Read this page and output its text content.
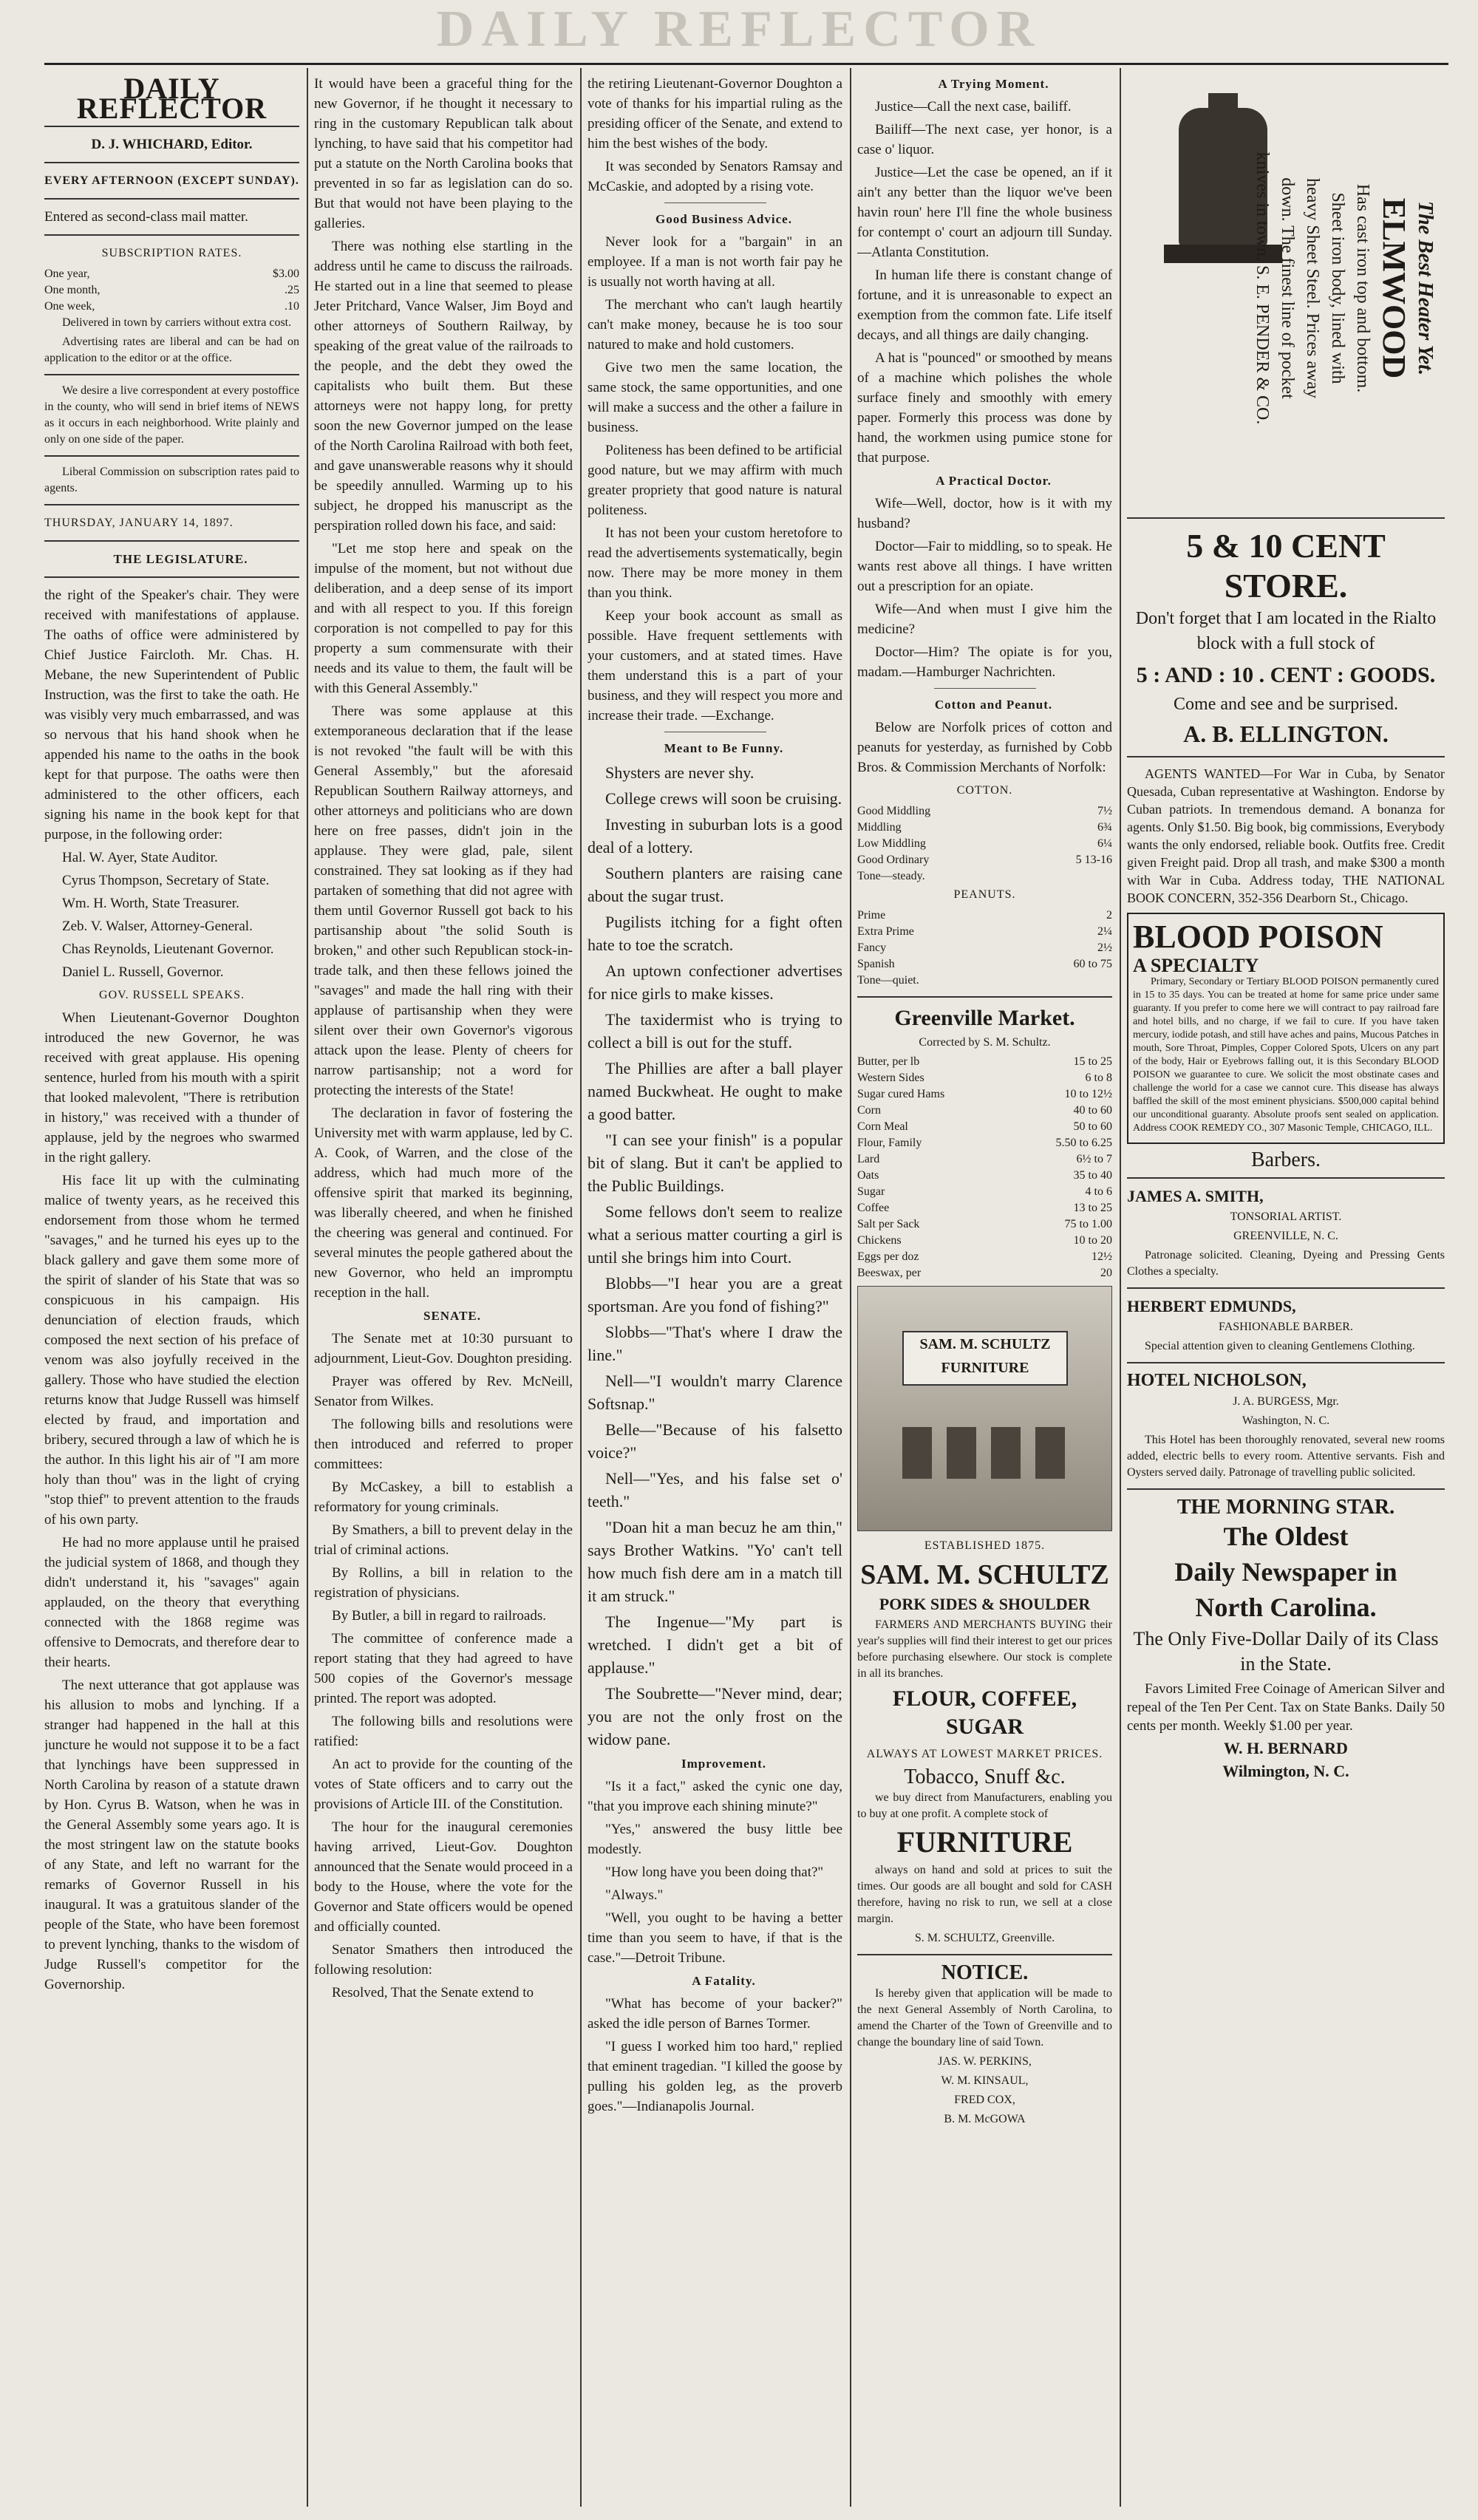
DAILY REFLECTOR
DAILY REFLECTOR

D. J. WHICHARD, Editor.

EVERY AFTERNOON (EXCEPT SUNDAY).

Entered as second-class mail matter.

SUBSCRIPTION RATES.

One year,	$3.00
One month,	.25
One week,	.10

Delivered in town by carriers without extra cost.

Advertising rates are liberal and can be had on application to the editor or at the office.

We desire a live correspondent at every postoffice in the county, who will send in brief items of NEWS as it occurs in each neighborhood. Write plainly and only on one side of the paper.

Liberal Commission on subscription rates paid to agents.

THURSDAY, JANUARY 14, 1897.

THE LEGISLATURE.

the right of the Speaker's chair. They were received with manifestations of applause. The oaths of office were administered by Chief Justice Faircloth. Mr. Chas. H. Mebane, the new Superintendent of Public Instruction, was the first to take the oath. He was visibly very much embarrassed, and was so nervous that his hand shook when he appended his name to the oaths in the book kept for that purpose. The oaths were then administered to the other officers, each signing his name in the book kept for that purpose, in the following order:

Hal. W. Ayer, State Auditor.

Cyrus Thompson, Secretary of State.

Wm. H. Worth, State Treasurer.

Zeb. V. Walser, Attorney-General.

Chas Reynolds, Lieutenant Governor.

Daniel L. Russell, Governor.

GOV. RUSSELL SPEAKS.

When Lieutenant-Governor Doughton introduced the new Governor, he was received with great applause. His opening sentence, hurled from his mouth with a spirit that looked malevolent, "There is retribution in history," was received with a thunder of applause, jeld by the negroes who swarmed in the right gallery.

His face lit up with the culminating malice of twenty years, as he received this endorsement from those whom he termed "savages," and he turned his eyes up to the black gallery and gave them some more of the spirit of slander of his State that was so conspicuous in his campaign. His denunciation of election frauds, which composed the next section of his preface of venom was also joyfully received in the gallery. Those who have studied the election returns know that Judge Russell was himself elected by fraud, and importation and bribery, secured through a law of which he is the author. In this light his air of "I am more holy than thou" was in the light of crying "stop thief" to prevent attention to the frauds of his own party.

He had no more applause until he praised the judicial system of 1868, and though they didn't understand it, his "savages" again applauded, on the theory that everything connected with the 1868 regime was offensive to Democrats, and therefore dear to their hearts.

The next utterance that got applause was his allusion to mobs and lynching. If a stranger had happened in the hall at this juncture he would not suppose it to be a fact that lynchings have been suppressed in North Carolina by reason of a statute drawn by Hon. Cyrus B. Watson, when he was in the General Assembly some years ago. It is the most stringent law on the statute books of any State, and left no warrant for the remarks of Governor Russell in his inaugural. It was a gratuitous slander of the people of the State, who have been foremost to prevent lynching, thanks to the wisdom of Judge Russell's competitor for the Governorship.

It would have been a graceful thing for the new Governor, if he thought it necessary to ring in the customary Republican talk about lynching, to have said that his competitor had put a statute on the North Carolina books that prevented in so far as legislation can do so. But that would not have been playing to the galleries.

There was nothing else startling in the address until he came to discuss the railroads. He started out in a line that seemed to please Jeter Pritchard, Vance Walser, Jim Boyd and other attorneys of Southern Railway, by speaking of the great value of the railroads to the people, and the debt they owed the capitalists who built them. But these attorneys were not happy long, for pretty soon the new Governor jumped on the lease of the North Carolina Railroad with both feet, and gave unanswerable reasons why it should be speedily annulled. Warming up to his subject, he dropped his manuscript as the perspiration rolled down his face, and said:

"Let me stop here and speak on the impulse of the moment, but not without due deliberation, and a deep sense of its import and with all respect to you. If this foreign corporation is not compelled to pay for this property a sum commensurate with their needs and its value to them, the fault will be with this General Assembly."

There was some applause at this extemporaneous declaration that if the lease is not revoked "the fault will be with this General Assembly," but the aforesaid Republican Southern Railway attorneys, and other attorneys and politicians who are down here on free passes, didn't join in the applause. They were glad, pale, silent constrained. They sat looking as if they had partaken of something that did not agree with them until Governor Russell got back to his partisanship about "the solid South is broken," and other such Republican stock-in-trade talk, and then these fellows joined the "savages" and made the hall ring with their applause of partisanship when they were silent over their own Governor's vigorous attack upon the lease. Plenty of cheers for narrow partisanship; not a word for protecting the interests of the State!

The declaration in favor of fostering the University met with warm applause, led by C. A. Cook, of Warren, and the close of the address, which had much more of the offensive spirit that marked its beginning, was liberally cheered, and when he finished the cheering was general and continued. For several minutes the people gathered about the new Governor, who held an impromptu reception in the hall.

SENATE.

The Senate met at 10:30 pursuant to adjournment, Lieut-Gov. Doughton presiding.

Prayer was offered by Rev. McNeill, Senator from Wilkes.

The following bills and resolutions were then introduced and referred to proper committees:

By McCaskey, a bill to establish a reformatory for young criminals.

By Smathers, a bill to prevent delay in the trial of criminal actions.

By Rollins, a bill in relation to the registration of physicians.

By Butler, a bill in regard to railroads.

The committee of conference made a report stating that they had agreed to have 500 copies of the Governor's message printed. The report was adopted.

The following bills and resolutions were ratified:

An act to provide for the counting of the votes of State officers and to carry out the provisions of Article III. of the Constitution.

The hour for the inaugural ceremonies having arrived, Lieut-Gov. Doughton announced that the Senate would proceed in a body to the House, where the vote for the Governor and State officers would be opened and officially counted.

Senator Smathers then introduced the following resolution:

Resolved, That the Senate extend to

the retiring Lieutenant-Governor Doughton a vote of thanks for his impartial ruling as the presiding officer of the Senate, and extend to him the best wishes of the body.

It was seconded by Senators Ramsay and McCaskie, and adopted by a rising vote.

Good Business Advice.

Never look for a "bargain" in an employee. If a man is not worth fair pay he is usually not worth having at all.

The merchant who can't laugh heartily can't make money, because he is too sour natured to make and hold customers.

Give two men the same location, the same stock, the same opportunities, and one will make a success and the other a failure in business.

Politeness has been defined to be artificial good nature, but we may affirm with much greater propriety that good nature is natural politeness.

It has not been your custom heretofore to read the advertisements systematically, begin now. There may be more money in them than you think.

Keep your book account as small as possible. Have frequent settlements with your customers, and at stated times. Have them understand this is a part of your business, and they will respect you more and increase their trade. —Exchange.

Meant to Be Funny.

Shysters are never shy.

College crews will soon be cruising.

Investing in suburban lots is a good deal of a lottery.

Southern planters are raising cane about the sugar trust.

Pugilists itching for a fight often hate to toe the scratch.

An uptown confectioner advertises for nice girls to make kisses.

The taxidermist who is trying to collect a bill is out for the stuff.

The Phillies are after a ball player named Buckwheat. He ought to make a good batter.

"I can see your finish" is a popular bit of slang. But it can't be applied to the Public Buildings.

Some fellows don't seem to realize what a serious matter courting a girl is until she brings him into Court.

Blobbs—"I hear you are a great sportsman. Are you fond of fishing?"

Slobbs—"That's where I draw the line."

Nell—"I wouldn't marry Clarence Softsnap."

Belle—"Because of his falsetto voice?"

Nell—"Yes, and his false set o' teeth."

"Doan hit a man becuz he am thin," says Brother Watkins. "Yo' can't tell how much fish dere am in a match till it am struck."

The Ingenue—"My part is wretched. I didn't get a bit of applause."

The Soubrette—"Never mind, dear; you are not the only frost on the widow pane.

Improvement.

"Is it a fact," asked the cynic one day, "that you improve each shining minute?"

"Yes," answered the busy little bee modestly.

"How long have you been doing that?"

"Always."

"Well, you ought to be having a better time than you seem to have, if that is the case."—Detroit Tribune.

A Fatality.

"What has become of your backer?" asked the idle person of Barnes Tormer.

"I guess I worked him too hard," replied that eminent tragedian. "I killed the goose by pulling his golden leg, as the proverb goes."—Indianapolis Journal.

A Trying Moment.

Justice—Call the next case, bailiff.

Bailiff—The next case, yer honor, is a case o' liquor.

Justice—Let the case be opened, an if it ain't any better than the liquor we've been havin roun' here I'll fine the whole business for contempt o' court an adjourn till Sunday.—Atlanta Constitution.

In human life there is constant change of fortune, and it is unreasonable to expect an exemption from the common fate. Life itself decays, and all things are daily changing.

A hat is "pounced" or smoothed by means of a machine which polishes the whole surface finely and smoothly with emery paper. Formerly this process was done by hand, the workmen using pumice stone for that purpose.

A Practical Doctor.

Wife—Well, doctor, how is it with my husband?

Doctor—Fair to middling, so to speak. He wants rest above all things. I have written out a prescription for an opiate.

Wife—And when must I give him the medicine?

Doctor—Him? The opiate is for you, madam.—Hamburger Nachrichten.

Cotton and Peanut.

Below are Norfolk prices of cotton and peanuts for yesterday, as furnished by Cobb Bros. & Commission Merchants of Norfolk:

COTTON.

Good Middling	7½
Middling	6¾
Low Middling	6¼
Good Ordinary	5 13-16
Tone—steady.

PEANUTS.

Prime	2
Extra Prime	2¼
Fancy	2½
Spanish	60 to 75
Tone—quiet.

Greenville Market.

Corrected by S. M. Schultz.

Butter, per lb	15 to 25
Western Sides	6 to 8
Sugar cured Hams	10 to 12½
Corn	40 to 60
Corn Meal	50 to 60
Flour, Family	5.50 to 6.25
Lard	6½ to 7
Oats	35 to 40
Sugar	4 to 6
Coffee	13 to 25
Salt per Sack	75 to 1.00
Chickens	10 to 20
Eggs per doz	12½
Beeswax, per	20
SAM. M. SCHULTZ
FURNITURE

ESTABLISHED 1875.

SAM. M. SCHULTZ

PORK SIDES & SHOULDER

FARMERS AND MERCHANTS BUYING their year's supplies will find their interest to get our prices before purchasing elsewhere. Our stock is complete in all its branches.

FLOUR, COFFEE, SUGAR

ALWAYS AT LOWEST MARKET PRICES.

Tobacco, Snuff &c.

we buy direct from Manufacturers, enabling you to buy at one profit. A complete stock of

FURNITURE

always on hand and sold at prices to suit the times. Our goods are all bought and sold for CASH therefore, having no risk to run, we sell at a close margin.

S. M. SCHULTZ, Greenville.

NOTICE.

Is hereby given that application will be made to the next General Assembly of North Carolina, to amend the Charter of the Town of Greenville and to change the boundary line of said Town.

JAS. W. PERKINS,

W. M. KINSAUL,

FRED COX,

B. M. McGOWA

The Best Heater Yet.
ELMWOOD
Has cast iron top and bottom.
Sheet iron body, lined with
heavy Sheet Steel. Prices away
down. The finest line of pocket
knives in town. S. E. PENDER & CO.
5 & 10 CENT STORE.

Don't forget that I am located in the Rialto block with a full stock of

5 : AND : 10 . CENT : GOODS.

Come and see and be surprised.

A. B. ELLINGTON.

AGENTS WANTED—For War in Cuba, by Senator Quesada, Cuban representative at Washington. Endorse by Cuban patriots. In tremendous demand. A bonanza for agents. Only $1.50. Big book, big commissions, Everybody wants the only endorsed, reliable book. Outfits free. Credit given Freight paid. Drop all trash, and make $300 a month with War in Cuba. Address today, THE NATIONAL BOOK CONCERN, 352-356 Dearborn St., Chicago.

BLOOD POISON
A SPECIALTY

Primary, Secondary or Tertiary BLOOD POISON permanently cured in 15 to 35 days. You can be treated at home for same price under same guaranty. If you prefer to come here we will contract to pay railroad fare and hotel bills, and no charge, if we fail to cure. If you have taken mercury, iodide potash, and still have aches and pains, Mucous Patches in mouth, Sore Throat, Pimples, Copper Colored Spots, Ulcers on any part of the body, Hair or Eyebrows falling out, it is this Secondary BLOOD POISON we guarantee to cure. We solicit the most obstinate cases and challenge the world for a case we cannot cure. This disease has always baffled the skill of the most eminent physicians. $500,000 capital behind our unconditional guaranty. Absolute proofs sent sealed on application. Address COOK REMEDY CO., 307 Masonic Temple, CHICAGO, ILL.

Barbers.

JAMES A. SMITH,

TONSORIAL ARTIST.

GREENVILLE, N. C.

Patronage solicited. Cleaning, Dyeing and Pressing Gents Clothes a specialty.

HERBERT EDMUNDS,

FASHIONABLE BARBER.

Special attention given to cleaning Gentlemens Clothing.

HOTEL NICHOLSON,

J. A. BURGESS, Mgr.

Washington, N. C.

This Hotel has been thoroughly renovated, several new rooms added, electric bells to every room. Attentive servants. Fish and Oysters served daily. Patronage of travelling public solicited.

THE MORNING STAR.

The Oldest

Daily Newspaper in

North Carolina.

The Only Five-Dollar Daily of its Class in the State.

Favors Limited Free Coinage of American Silver and repeal of the Ten Per Cent. Tax on State Banks. Daily 50 cents per month. Weekly $1.00 per year.

W. H. BERNARD

Wilmington, N. C.
